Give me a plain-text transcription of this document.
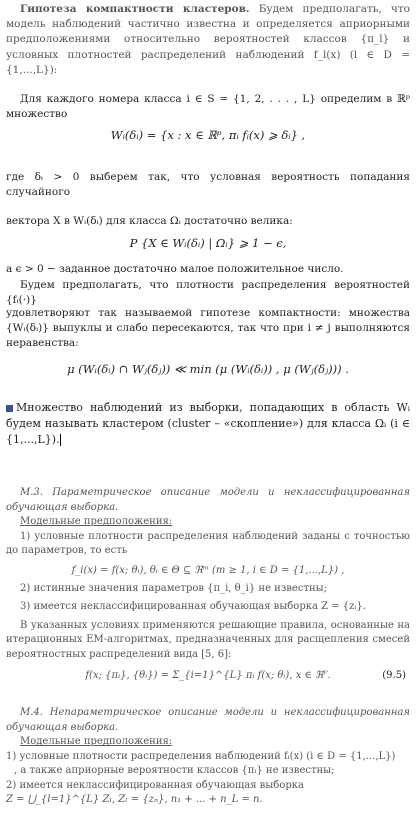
Гипотеза компактности кластеров. Будем предполагать, что модель наблюдений частично известна и определяется априорными предположениями относительно вероятностей классов {π_l} и условных плотностей распределений наблюдений f_l(x) (l ∈ D = {1,...,L}):

Для каждого номера класса i ∈ S = {1, 2, . . . , L} определим в ℝᵖ множество

Wᵢ(δᵢ) = {x : x ∈ ℝᵖ, πᵢ fᵢ(x) ⩾ δᵢ} ,

где δᵢ > 0 выберем так, что условная вероятность попадания случайного

вектора X в Wᵢ(δᵢ) для класса Ωᵢ достаточно велика:

P {X ∈ Wᵢ(δᵢ) | Ωᵢ} ⩾ 1 − ϵ,

а ϵ > 0 − заданное достаточно малое положительное число.

Будем предполагать, что плотности распределения вероятностей {fᵢ(·)}

удовлетворяют так называемой гипотезе компактности: множества {Wᵢ(δᵢ)} выпуклы и слабо пересекаются, так что при i ≠ j выполняются неравенства:

μ (Wᵢ(δᵢ) ∩ Wⱼ(δⱼ)) ≪ min (μ (Wᵢ(δᵢ)) , μ (Wⱼ(δⱼ))) .

Множество наблюдений из выборки, попадающих в область Wᵢ будем называть кластером (cluster – «скопление») для класса Ωᵢ (i ∈ {1,...,L}).

М.3. Параметрическое описание модели и неклассифицированная обучающая выборка.

Модельные предположения:

1) условные плотности распределения наблюдений заданы с точностью до параметров, то есть

f_i(x) = f(x; θᵢ), θᵢ ∈ Θ ⊆ ℜᵐ (m ≥ 1, i ∈ D = {1,...,L}) ,

2) истинные значения параметров {π_i, θ_i} не известны;

3) имеется неклассифицированная обучающая выборка Z = {zᵢ}.

В указанных условиях применяются решающие правила, основанные на итерационных EM-алгоритмах, предназначенных для расщепления смесей вероятностных распределений вида [5, 6]:

f(x; {πᵢ}, {θᵢ}) = Σ_{i=1}^{L} πᵢ f(x; θᵢ), x ∈ ℜᴾ.	(9.5)

М.4. Непараметрическое описание модели и неклассифицированная обучающая выборка.

Модельные предположения:

1) условные плотности распределения наблюдений fᵢ(x) (i ∈ D = {1,...,L})

, а также априорные вероятности классов {πᵢ} не известны;

2) имеется неклассифицированная обучающая выборка

Z = ⋃_{l=1}^{L} Zₗ, Zₗ = {zₙ}, n₁ + ... + n_L = n.
